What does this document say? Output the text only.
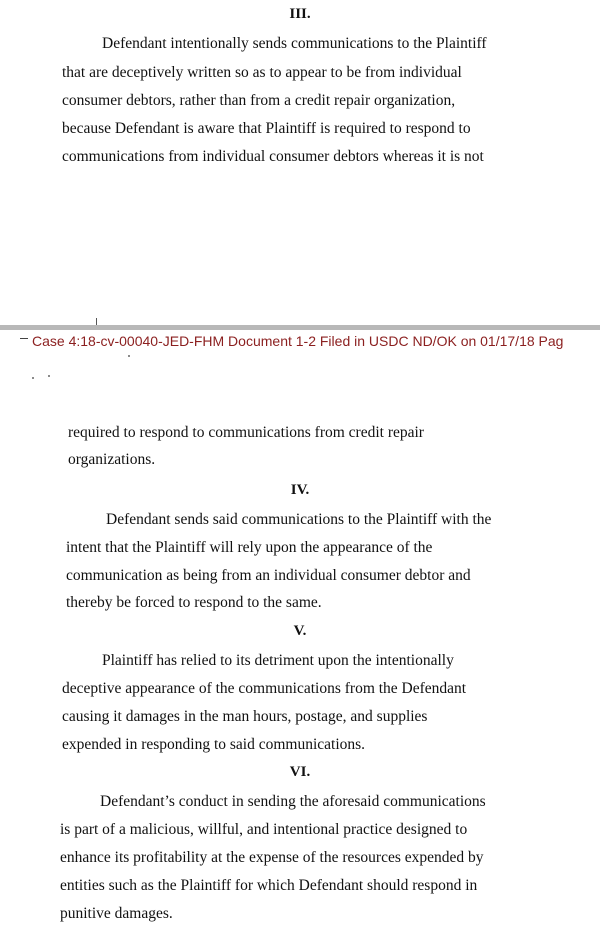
III.
Defendant intentionally sends communications to the Plaintiff
that are deceptively written so as to appear to be from individual
consumer debtors, rather than from a credit repair organization,
because Defendant is aware that Plaintiff is required to respond to
communications from individual consumer debtors whereas it is not
Case 4:18-cv-00040-JED-FHM Document 1-2 Filed in USDC ND/OK on 01/17/18 Pag
required to respond to communications from credit repair
organizations.
IV.
Defendant sends said communications to the Plaintiff with the
intent that the Plaintiff will rely upon the appearance of the
communication as being from an individual consumer debtor and
thereby be forced to respond to the same.
V.
Plaintiff has relied to its detriment upon the intentionally
deceptive appearance of the communications from the Defendant
causing it damages in the man hours, postage, and supplies
expended in responding to said communications.
VI.
Defendant’s conduct in sending the aforesaid communications
is part of a malicious, willful, and intentional practice designed to
enhance its profitability at the expense of the resources expended by
entities such as the Plaintiff for which Defendant should respond in
punitive damages.
